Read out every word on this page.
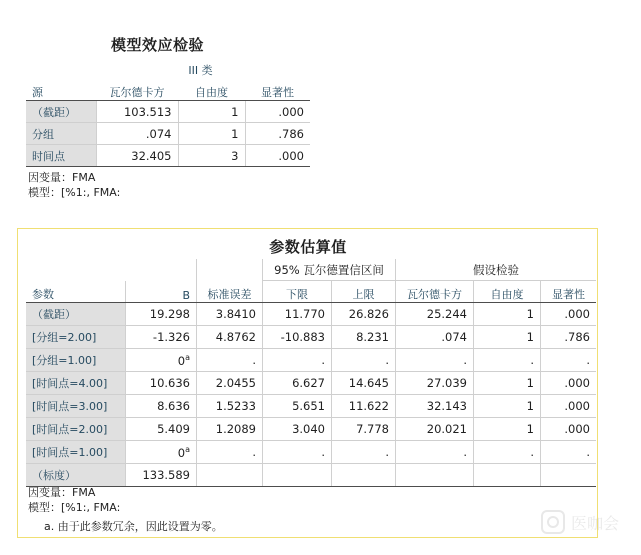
模型效应检验
III 类
源	瓦尔德卡方	自由度	显著性
（截距）	103.513	1	.000
分组	.074	1	.786
时间点	32.405	3	.000
因变量：FMA
模型：[%1:, FMA:
参数估算值
			95% 瓦尔德置信区间		假设检验		
参数	B	标准误差	下限	上限	瓦尔德卡方	自由度	显著性
（截距）	19.298	3.8410	11.770	26.826	25.244	1	.000
[分组=2.00]	-1.326	4.8762	-10.883	8.231	.074	1	.786
[分组=1.00]	0$^a$	.	.	.	.	.	.
[时间点=4.00]	10.636	2.0455	6.627	14.645	27.039	1	.000
[时间点=3.00]	8.636	1.5233	5.651	11.622	32.143	1	.000
[时间点=2.00]	5.409	1.2089	3.040	7.778	20.021	1	.000
[时间点=1.00]	0$^a$	.	.	.	.	.	.
（标度）	133.589						
因变量：FMA
模型：[%1:, FMA:
a. 由于此参数冗余，因此设置为零。	医咖会
